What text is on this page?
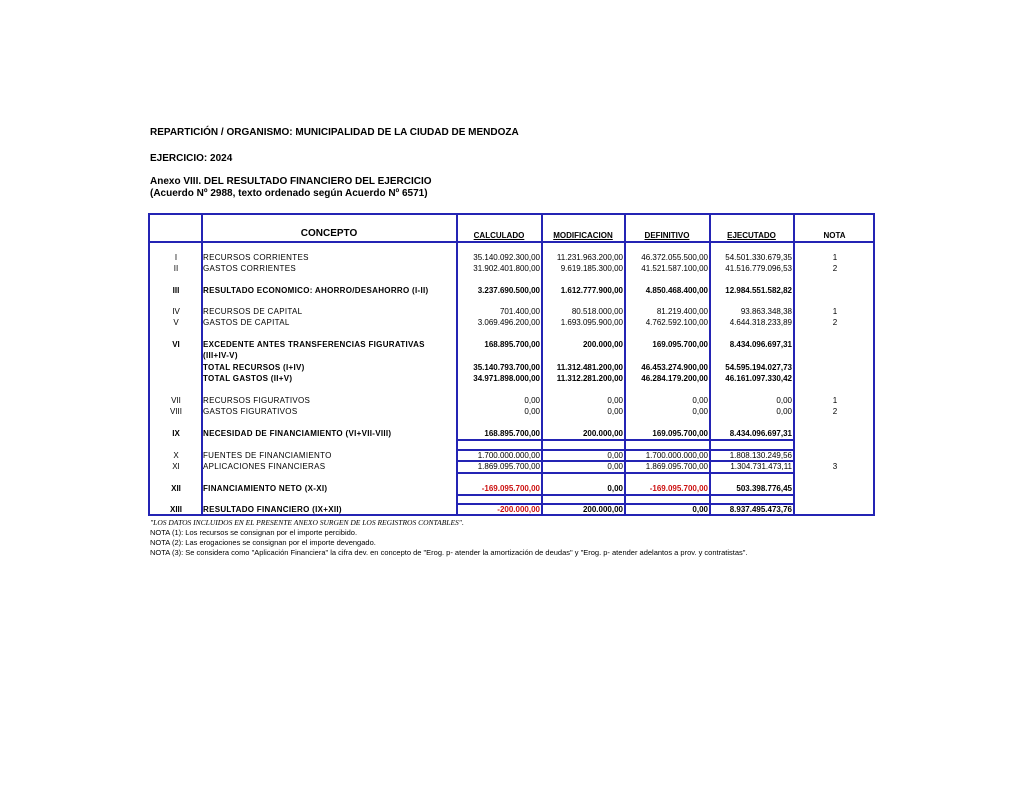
REPARTICIÓN / ORGANISMO: MUNICIPALIDAD DE LA CIUDAD DE MENDOZA
EJERCICIO: 2024
Anexo VIII. DEL RESULTADO FINANCIERO DEL EJERCICIO
(Acuerdo Nº 2988, texto ordenado según Acuerdo Nº 6571)
CONCEPTO	CALCULADO	MODIFICACION	DEFINITIVO	EJECUTADO	NOTA
I	RECURSOS CORRIENTES	35.140.092.300,00	11.231.963.200,00	46.372.055.500,00	54.501.330.679,35	1
II	GASTOS CORRIENTES	31.902.401.800,00	9.619.185.300,00	41.521.587.100,00	41.516.779.096,53	2
III	RESULTADO ECONOMICO: AHORRO/DESAHORRO (I-II)	3.237.690.500,00	1.612.777.900,00	4.850.468.400,00	12.984.551.582,82
IV	RECURSOS DE CAPITAL	701.400,00	80.518.000,00	81.219.400,00	93.863.348,38	1
V	GASTOS DE CAPITAL	3.069.496.200,00	1.693.095.900,00	4.762.592.100,00	4.644.318.233,89	2
VI	EXCEDENTE ANTES TRANSFERENCIAS FIGURATIVAS	168.895.700,00	200.000,00	169.095.700,00	8.434.096.697,31
(III+IV-V)
TOTAL RECURSOS (I+IV)	35.140.793.700,00	11.312.481.200,00	46.453.274.900,00	54.595.194.027,73
TOTAL GASTOS (II+V)	34.971.898.000,00	11.312.281.200,00	46.284.179.200,00	46.161.097.330,42
VII	RECURSOS FIGURATIVOS	0,00	0,00	0,00	0,00	1
VIII	GASTOS FIGURATIVOS	0,00	0,00	0,00	0,00	2
IX	NECESIDAD DE FINANCIAMIENTO (VI+VII-VIII)	168.895.700,00	200.000,00	169.095.700,00	8.434.096.697,31
X	FUENTES DE FINANCIAMIENTO	1.700.000.000,00	0,00	1.700.000.000,00	1.808.130.249,56
XI	APLICACIONES FINANCIERAS	1.869.095.700,00	0,00	1.869.095.700,00	1.304.731.473,11	3
XII	FINANCIAMIENTO NETO (X-XI)	-169.095.700,00	0,00	-169.095.700,00	503.398.776,45
XIII	RESULTADO FINANCIERO (IX+XII)	-200.000,00	200.000,00	0,00	8.937.495.473,76
"LOS DATOS INCLUIDOS EN EL PRESENTE ANEXO SURGEN DE LOS REGISTROS CONTABLES".
NOTA (1): Los recursos se consignan por el importe percibido.
NOTA (2): Las erogaciones se consignan por el importe devengado.
NOTA (3): Se considera como "Aplicación Financiera" la cifra dev. en concepto de "Erog. p- atender la amortización de deudas" y "Erog. p- atender adelantos a prov. y contratistas".
